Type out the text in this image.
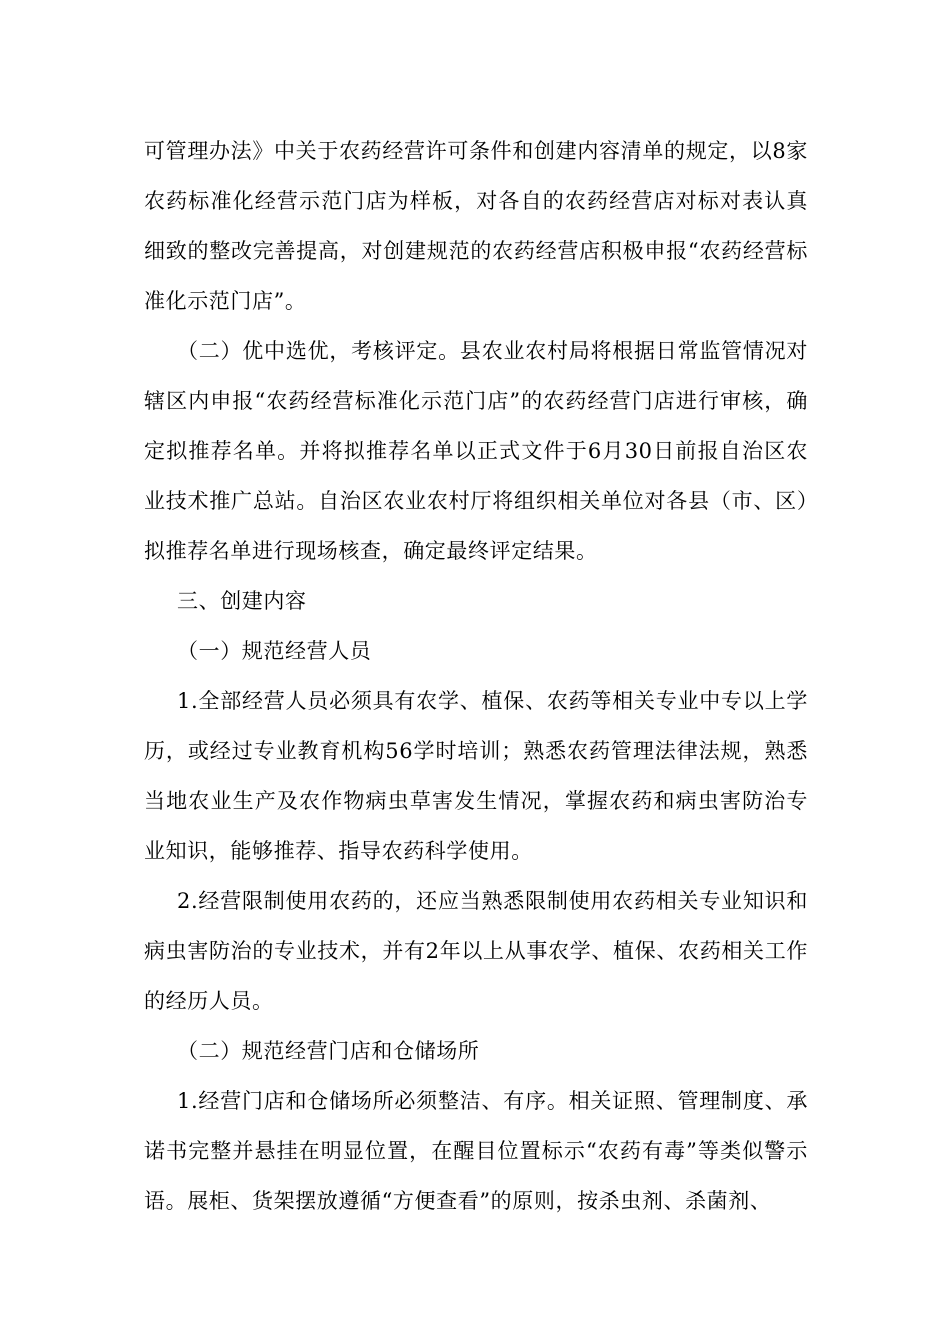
可管理办法》中关于农药经营许可条件和创建内容清单的规定，以8家农药标准化经营示范门店为样板，对各自的农药经营店对标对表认真细致的整改完善提高，对创建规范的农药经营店积极申报“农药经营标准化示范门店”。

（二）优中选优，考核评定。县农业农村局将根据日常监管情况对辖区内申报“农药经营标准化示范门店”的农药经营门店进行审核，确定拟推荐名单。并将拟推荐名单以正式文件于6月30日前报自治区农业技术推广总站。自治区农业农村厅将组织相关单位对各县（市、区）拟推荐名单进行现场核查，确定最终评定结果。

三、创建内容

（一）规范经营人员

1.全部经营人员必须具有农学、植保、农药等相关专业中专以上学历，或经过专业教育机构56学时培训；熟悉农药管理法律法规，熟悉当地农业生产及农作物病虫草害发生情况，掌握农药和病虫害防治专业知识，能够推荐、指导农药科学使用。

2.经营限制使用农药的，还应当熟悉限制使用农药相关专业知识和病虫害防治的专业技术，并有2年以上从事农学、植保、农药相关工作的经历人员。

（二）规范经营门店和仓储场所

1.经营门店和仓储场所必须整洁、有序。相关证照、管理制度、承诺书完整并悬挂在明显位置，在醒目位置标示“农药有毒”等类似警示语。展柜、货架摆放遵循“方便查看”的原则，按杀虫剂、杀菌剂、
